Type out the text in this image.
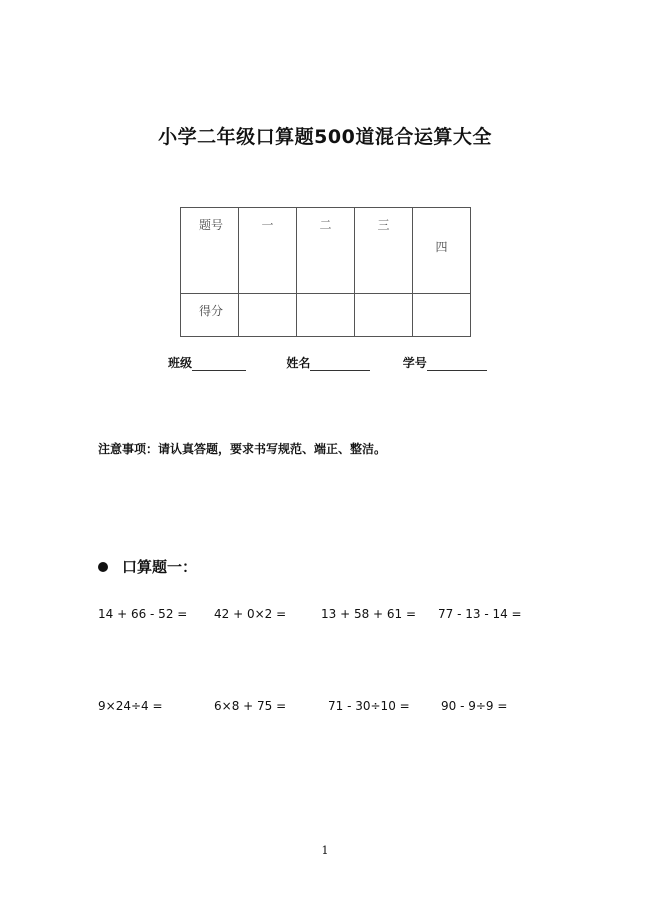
小学二年级口算题500道混合运算大全
题号	一	二	三	四

得分				

班级	姓名	学号
注意事项：请认真答题，要求书写规范、端正、整洁。
口算题一：
14 + 66 - 52 = 42 + 0×2 =	13 + 58 + 61 = 77 - 13 - 14 =
9×24÷4 =	6×8 + 75 =	71 - 30÷10 =	90 - 9÷9 =
1
